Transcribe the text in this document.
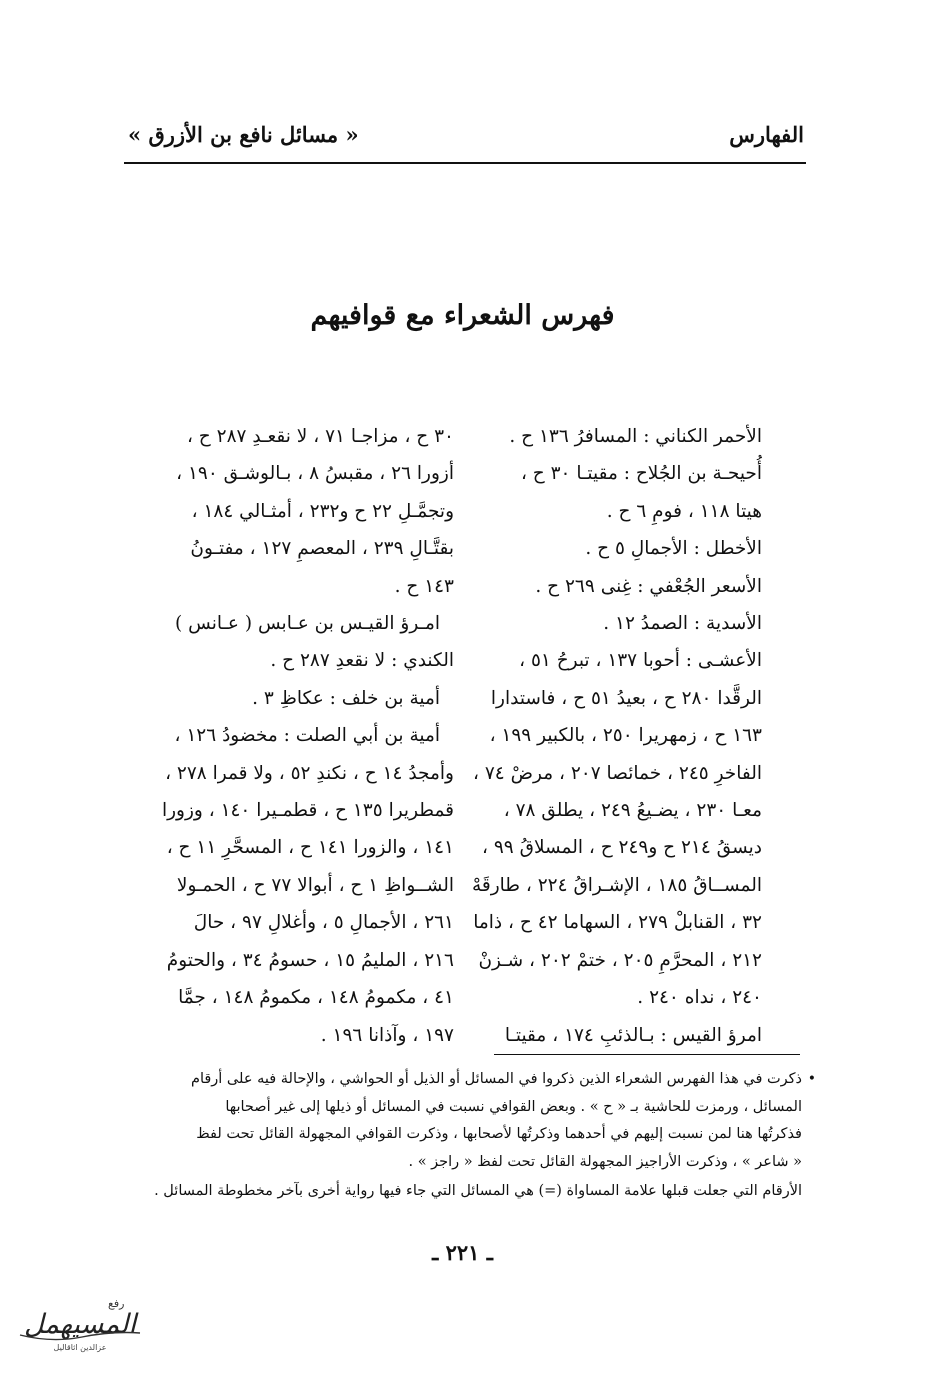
« مسائل نافع بن الأزرق »	الفهارس
فهرس الشعراء مع قوافيهم
الأحمر الكناني : المسافرُ ١٣٦ ح .
أُحيحـة بن الجُلاح : مقيتـا ٣٠ ح ،
هيتا ١١٨ ، فومِ ٦ ح .
الأخطل : الأجمالِ ٥ ح .
الأسعر الجُعْفي : غِنى ٢٦٩ ح .
الأسدية : الصمدُ ١٢ .
الأعشـى : أحوبا ١٣٧ ، تبرحُ ٥١ ،
الرقَّدا ٢٨٠ ح ، بعيدُ ٥١ ح ، فاستدارا
١٦٣ ح ، زمهريرا ٢٥٠ ، بالكبير ١٩٩ ،
الفاخرِ ٢٤٥ ، خمائصا ٢٠٧ ، مرضْ ٧٤ ،
معـا ٢٣٠ ، يضـيعُ ٢٤٩ ، يطلق ٧٨ ،
ديسقُ ٢١٤ ح و٢٤٩ ح ، المسلاقُ ٩٩ ،
المســاقُ ١٨٥ ، الإشـراقُ ٢٢٤ ، طارقَهْ
٣٢ ، القنابلْ ٢٧٩ ، السهاما ٤٢ ح ، ذاما
٢١٢ ، المحرَّمِ ٢٠٥ ، ختمْ ٢٠٢ ، شـزنْ
٢٤٠ ، نداه ٢٤٠ .
امرؤ القيس : بـالذئبِ ١٧٤ ، مقيتـا
٣٠ ح ، مزاجـا ٧١ ، لا نقعـدِ ٢٨٧ ح ،
أزورا ٢٦ ، مقبسُ ٨ ، بـالوشـق ١٩٠ ،
وتجمَّـلِ ٢٢ ح و٢٣٢ ، أمثـالي ١٨٤ ،
بقتَّـالِ ٢٣٩ ، المعصمِ ١٢٧ ، مفتـونُ
١٤٣ ح .
امـرؤ القيـس بن عـابس ( عـانس )
الكندي : لا نقعدِ ٢٨٧ ح .
أمية بن خلف : عكاظِ ٣ .
أمية بن أبي الصلت : مخضودُ ١٢٦ ،
وأمجدُ ١٤ ح ، نكندِ ٥٢ ، ولا قمرا ٢٧٨ ،
قمطريرا ١٣٥ ح ، قطمـيرا ١٤٠ ، وزورا
١٤١ ، والزورا ١٤١ ح ، المسحَّرِ ١١ ح ،
الشــواظِ ١ ح ، أبوالا ٧٧ ح ، الحمـولا
٢٦١ ، الأجمالِ ٥ ، وأغلالِ ٩٧ ، حالَ
٢١٦ ، المليمُ ١٥ ، حسومُ ٣٤ ، والحتومُ
٤١ ، مكمومُ ١٤٨ ، مكمومُ ١٤٨ ، جمَّا
١٩٧ ، وآذانا ١٩٦ .
•
ذكرت في هذا الفهرس الشعراء الذين ذكروا في المسائل أو الذيل أو الحواشي ، والإحالة فيه على أرقام
المسائل ، ورمزت للحاشية بـ « ح » . وبعض القوافي نسبت في المسائل أو ذيلها إلى غير أصحابها
فذكرتُها هنا لمن نسبت إليهم في أحدهما وذكرتُها لأصحابها ، وذكرت القوافي المجهولة القائل تحت لفظ
« شاعر » ، وذكرت الأراجيز المجهولة القائل تحت لفظ « راجز » .
الأرقام التي جعلت قبلها علامة المساواة (=) هي المسائل التي جاء فيها رواية أخرى بآخر مخطوطة المسائل .
ـ ٢٢١ ـ
رفع
المسيهمل
عزالدين اثاقاليل
